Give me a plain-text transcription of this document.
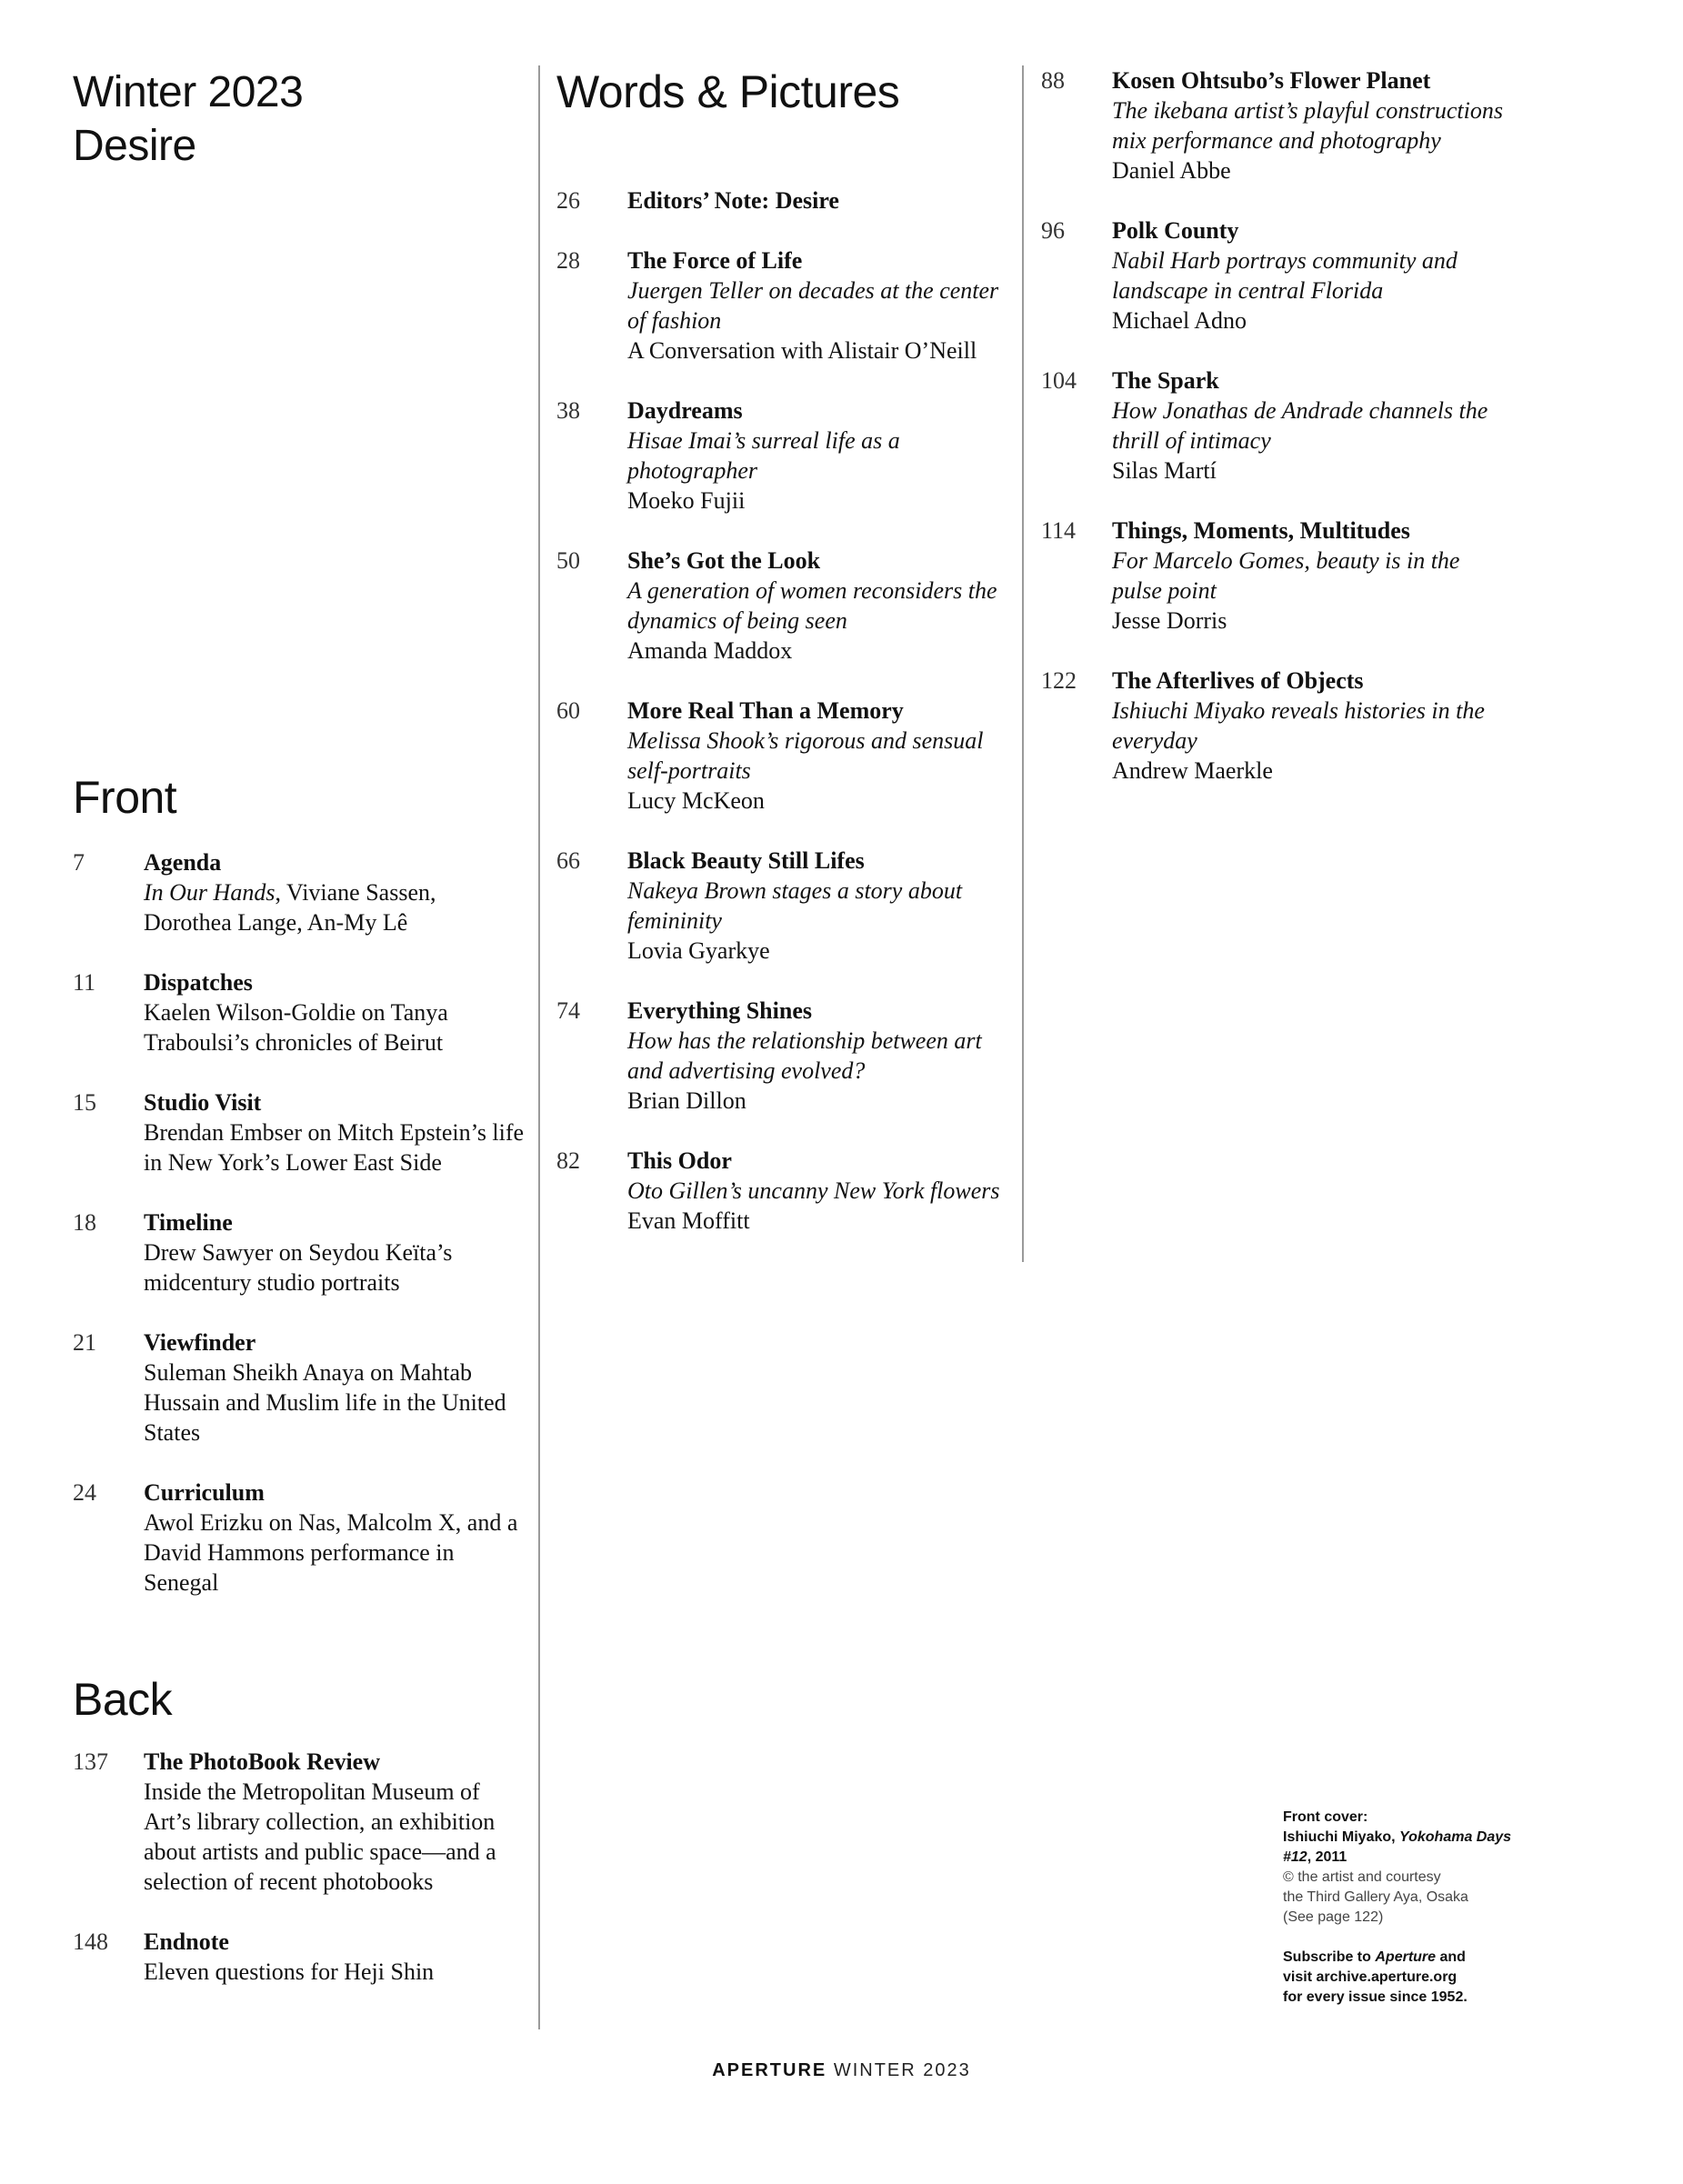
Winter 2023
Desire
Front
7	Agenda
In Our Hands, Viviane Sassen, Dorothea Lange, An-My Lê
11	Dispatches
Kaelen Wilson-Goldie on Tanya Traboulsi’s chronicles of Beirut
15	Studio Visit
Brendan Embser on Mitch Epstein’s life in New York’s Lower East Side
18	Timeline
Drew Sawyer on Seydou Keïta’s midcentury studio portraits
21	Viewfinder
Suleman Sheikh Anaya on Mahtab Hussain and Muslim life in the United States
24	Curriculum
Awol Erizku on Nas, Malcolm X, and a David Hammons performance in Senegal
Back
137	The PhotoBook Review
Inside the Metropolitan Museum of Art’s library collection, an exhibition about artists and public space—and a selection of recent photobooks
148	Endnote
Eleven questions for Heji Shin
Words & Pictures
26	Editors’ Note: Desire
28	The Force of Life
Juergen Teller on decades at the center of fashion
A Conversation with Alistair O’Neill
38	Daydreams
Hisae Imai’s surreal life as a photographer
Moeko Fujii
50	She’s Got the Look
A generation of women reconsiders the dynamics of being seen
Amanda Maddox
60	More Real Than a Memory
Melissa Shook’s rigorous and sensual self-portraits
Lucy McKeon
66	Black Beauty Still Lifes
Nakeya Brown stages a story about femininity
Lovia Gyarkye
74	Everything Shines
How has the relationship between art and advertising evolved?
Brian Dillon
82	This Odor
Oto Gillen’s uncanny New York flowers
Evan Moffitt
88	Kosen Ohtsubo’s Flower Planet
The ikebana artist’s playful constructions mix performance and photography
Daniel Abbe
96	Polk County
Nabil Harb portrays community and landscape in central Florida
Michael Adno
104	The Spark
How Jonathas de Andrade channels the thrill of intimacy
Silas Martí
114	Things, Moments, Multitudes
For Marcelo Gomes, beauty is in the pulse point
Jesse Dorris
122	The Afterlives of Objects
Ishiuchi Miyako reveals histories in the everyday
Andrew Maerkle

Front cover:

Ishiuchi Miyako, Yokohama Days #12, 2011

© the artist and courtesy

the Third Gallery Aya, Osaka

(See page 122)

Subscribe to Aperture and

visit archive.aperture.org

for every issue since 1952.

APERTURE WINTER 2023
